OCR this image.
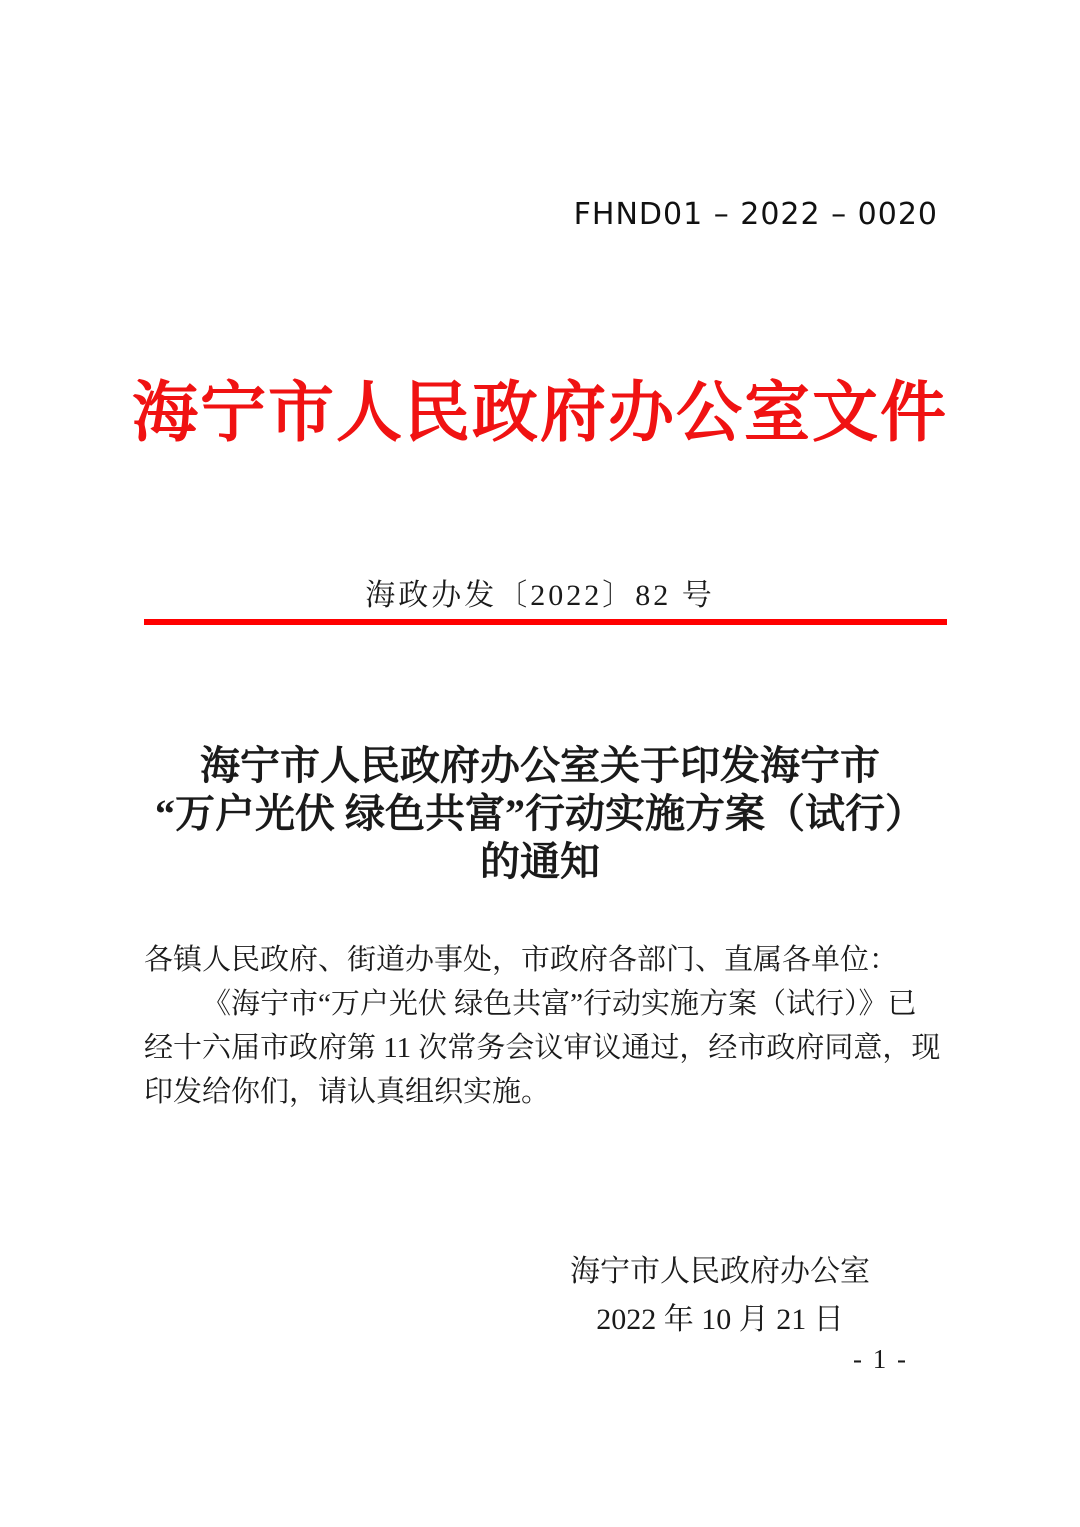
FHND01 – 2022 – 0020
海宁市人民政府办公室文件
海政办发〔2022〕82 号
海宁市人民政府办公室关于印发海宁市
“万户光伏 绿色共富”行动实施方案（试行）
的通知
各镇人民政府、街道办事处，市政府各部门、直属各单位：
《海宁市“万户光伏 绿色共富”行动实施方案（试行）》已
经十六届市政府第 11 次常务会议审议通过，经市政府同意，现
印发给你们，请认真组织实施。
海宁市人民政府办公室
2022 年 10 月 21 日
- 1 -
